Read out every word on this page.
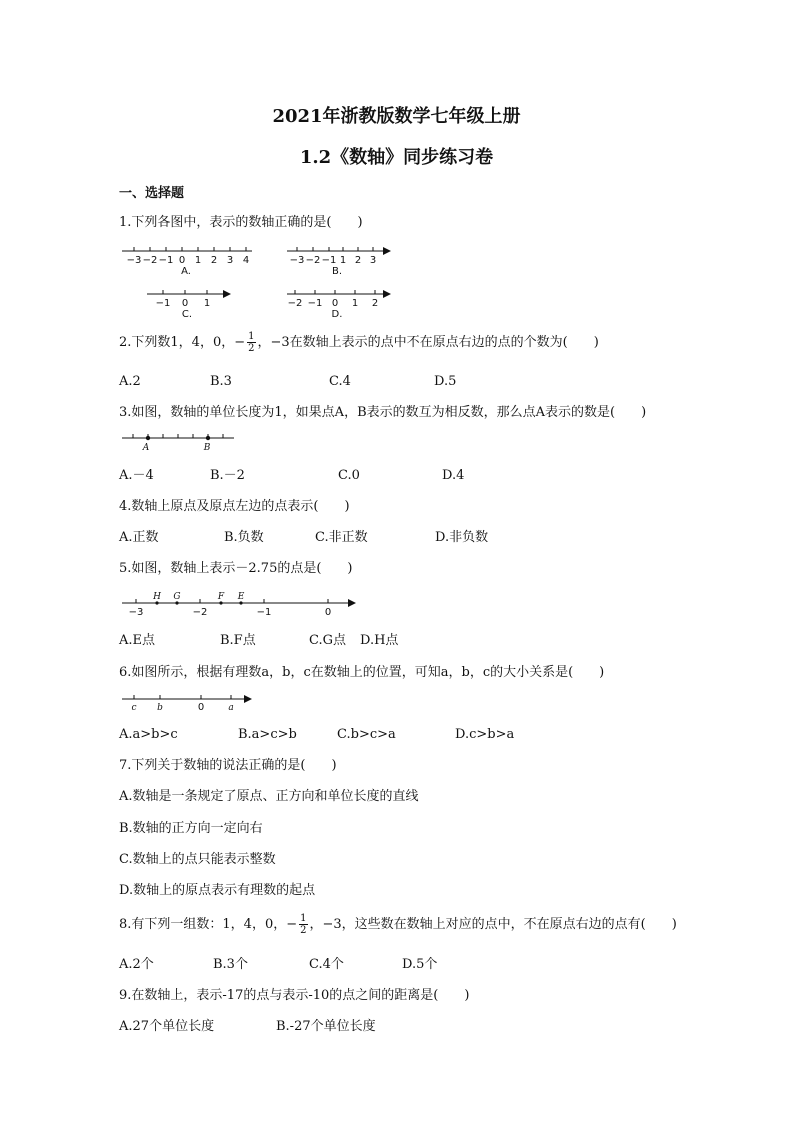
2021年浙教版数学七年级上册
1.2《数轴》同步练习卷
一、选择题
1.下列各图中，表示的数轴正确的是(　　)
−3 −2 −1 0 1 2 3 4
A.
−3 −2 −1 1 2 3
B.
−1 0 1
C.
−2 −1 0 1 2
D.
2.下列数1，4，0，− $\frac{1}{2}$ ，−3在数轴上表示的点中不在原点右边的点的个数为(　　)
A.2	B.3	C.4	D.5
3.如图，数轴的单位长度为1，如果点A，B表示的数互为相反数，那么点A表示的数是(　　)
A	B
A.－4	B.－2	C.0	D.4
4.数轴上原点及原点左边的点表示(　　)
A.正数	B.负数	C.非正数	D.非负数
5.如图，数轴上表示－2.75的点是(　　)
H G	F E
−3	−2	−1	0
A.E点	B.F点	C.G点 D.H点
6.如图所示，根据有理数a，b，c在数轴上的位置，可知a，b，c的大小关系是(　　)
c b	0	a
A.a>b>c	B.a>c>b	C.b>c>a	D.c>b>a
7.下列关于数轴的说法正确的是(　　)
A.数轴是一条规定了原点、正方向和单位长度的直线
B.数轴的正方向一定向右
C.数轴上的点只能表示整数
D.数轴上的原点表示有理数的起点
8.有下列一组数：1，4，0，− $\frac{1}{2}$ ，−3，这些数在数轴上对应的点中，不在原点右边的点有(　　)
A.2个	B.3个	C.4个	D.5个
9.在数轴上，表示-17的点与表示-10的点之间的距离是(　　)
A.27个单位长度	B.-27个单位长度
